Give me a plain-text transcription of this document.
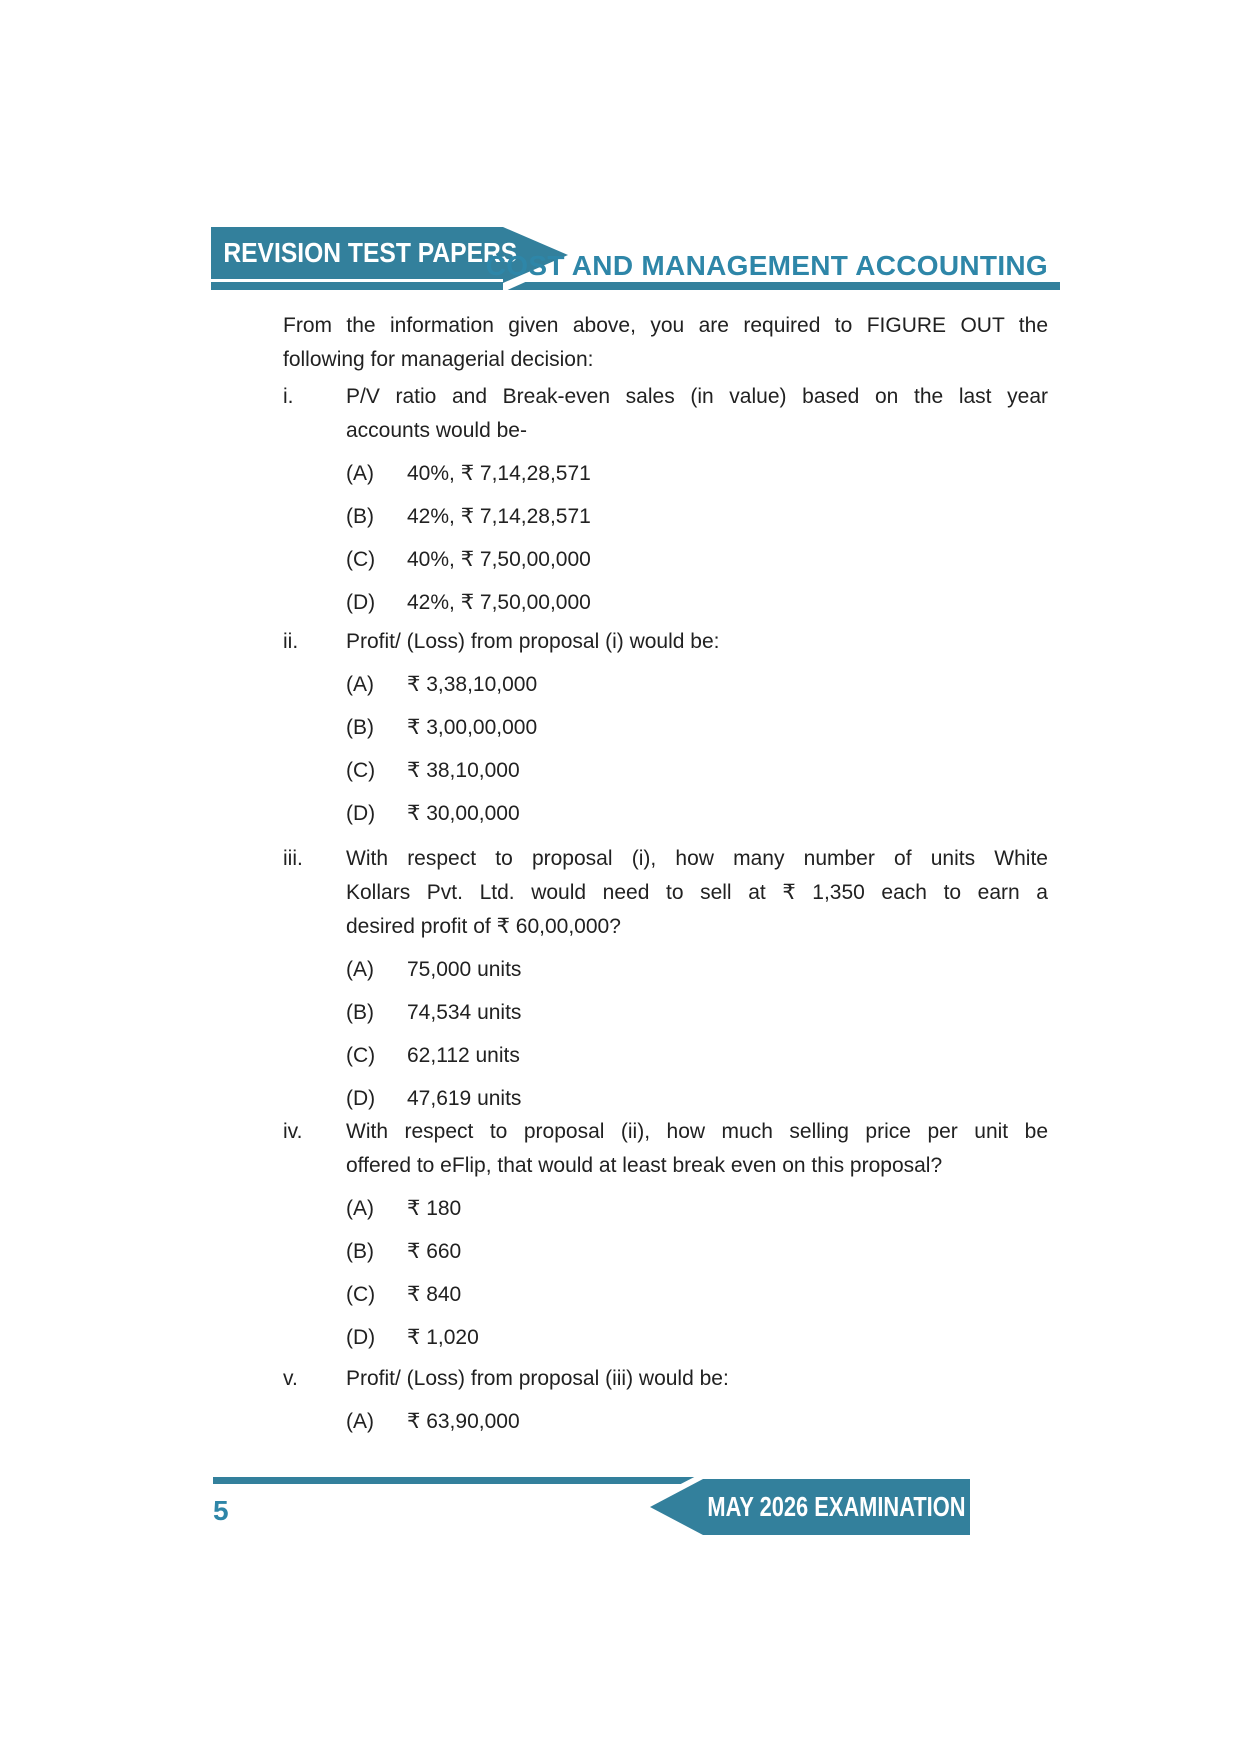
REVISION TEST PAPERS
COST AND MANAGEMENT ACCOUNTING
From the information given above, you are required to FIGURE OUT the
following for managerial decision:
i.	P/V ratio and Break-even sales (in value) based on the last year
accounts would be-
(A)	40%, ₹ 7,14,28,571
(B)	42%, ₹ 7,14,28,571
(C)	40%, ₹ 7,50,00,000
(D)	42%, ₹ 7,50,00,000
ii. Profit/ (Loss) from proposal (i) would be:
(A)	₹ 3,38,10,000
(B)	₹ 3,00,00,000
(C)	₹ 38,10,000
(D)	₹ 30,00,000
iii. With respect to proposal (i), how many number of units White
Kollars Pvt. Ltd. would need to sell at ₹ 1,350 each to earn a
desired profit of ₹ 60,00,000?
(A)	75,000 units
(B)	74,534 units
(C)	62,112 units
(D)	47,619 units
iv. With respect to proposal (ii), how much selling price per unit be
offered to eFlip, that would at least break even on this proposal?
(A)	₹ 180
(B)	₹ 660
(C)	₹ 840
(D)	₹ 1,020
v. Profit/ (Loss) from proposal (iii) would be:
(A)	₹ 63,90,000
MAY 2026 EXAMINATION
5
